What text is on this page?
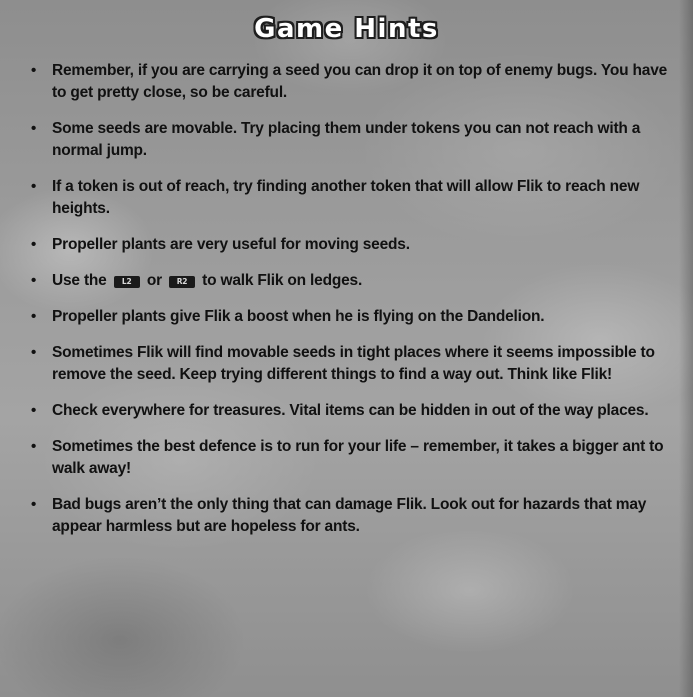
Game Hints
• Remember, if you are carrying a seed you can drop it on top of enemy bugs. You have to get pretty close, so be careful.
• Some seeds are movable. Try placing them under tokens you can not reach with a normal jump.
• If a token is out of reach, try finding another token that will allow Flik to reach new heights.
• Propeller plants are very useful for moving seeds.
• Use the L2 or R2 to walk Flik on ledges.
• Propeller plants give Flik a boost when he is flying on the Dandelion.
• Sometimes Flik will find movable seeds in tight places where it seems impossible to remove the seed. Keep trying different things to find a way out. Think like Flik!
• Check everywhere for treasures. Vital items can be hidden in out of the way places.
• Sometimes the best defence is to run for your life – remember, it takes a bigger ant to walk away!
• Bad bugs aren’t the only thing that can damage Flik. Look out for hazards that may appear harmless but are hopeless for ants.
